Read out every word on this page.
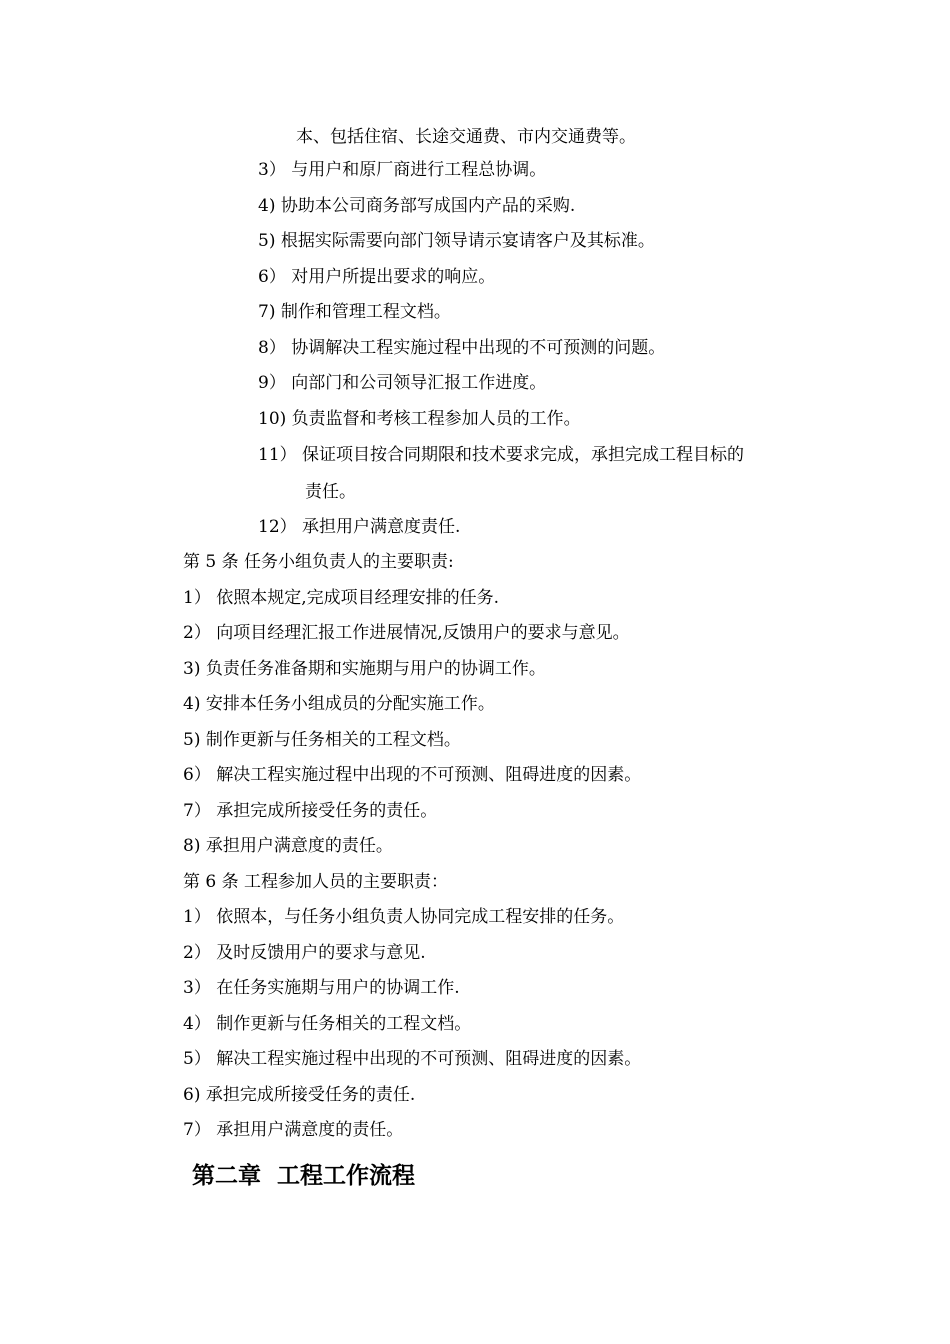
本、包括住宿、长途交通费、市内交通费等。
3） 与用户和原厂商进行工程总协调。
4) 协助本公司商务部写成国内产品的采购.
5) 根据实际需要向部门领导请示宴请客户及其标准。
6） 对用户所提出要求的响应。
7) 制作和管理工程文档。
8） 协调解决工程实施过程中出现的不可预测的问题。
9） 向部门和公司领导汇报工作进度。
10) 负责监督和考核工程参加人员的工作。
11） 保证项目按合同期限和技术要求完成，承担完成工程目标的
责任。
12） 承担用户满意度责任.
第 5 条 任务小组负责人的主要职责:
1） 依照本规定,完成项目经理安排的任务.
2） 向项目经理汇报工作进展情况,反馈用户的要求与意见。
3) 负责任务准备期和实施期与用户的协调工作。
4) 安排本任务小组成员的分配实施工作。
5) 制作更新与任务相关的工程文档。
6） 解决工程实施过程中出现的不可预测、阻碍进度的因素。
7） 承担完成所接受任务的责任。
8) 承担用户满意度的责任。
第 6 条 工程参加人员的主要职责：
1） 依照本，与任务小组负责人协同完成工程安排的任务。
2） 及时反馈用户的要求与意见.
3） 在任务实施期与用户的协调工作.
4） 制作更新与任务相关的工程文档。
5） 解决工程实施过程中出现的不可预测、阻碍进度的因素。
6) 承担完成所接受任务的责任.
7） 承担用户满意度的责任。
第二章 工程工作流程
